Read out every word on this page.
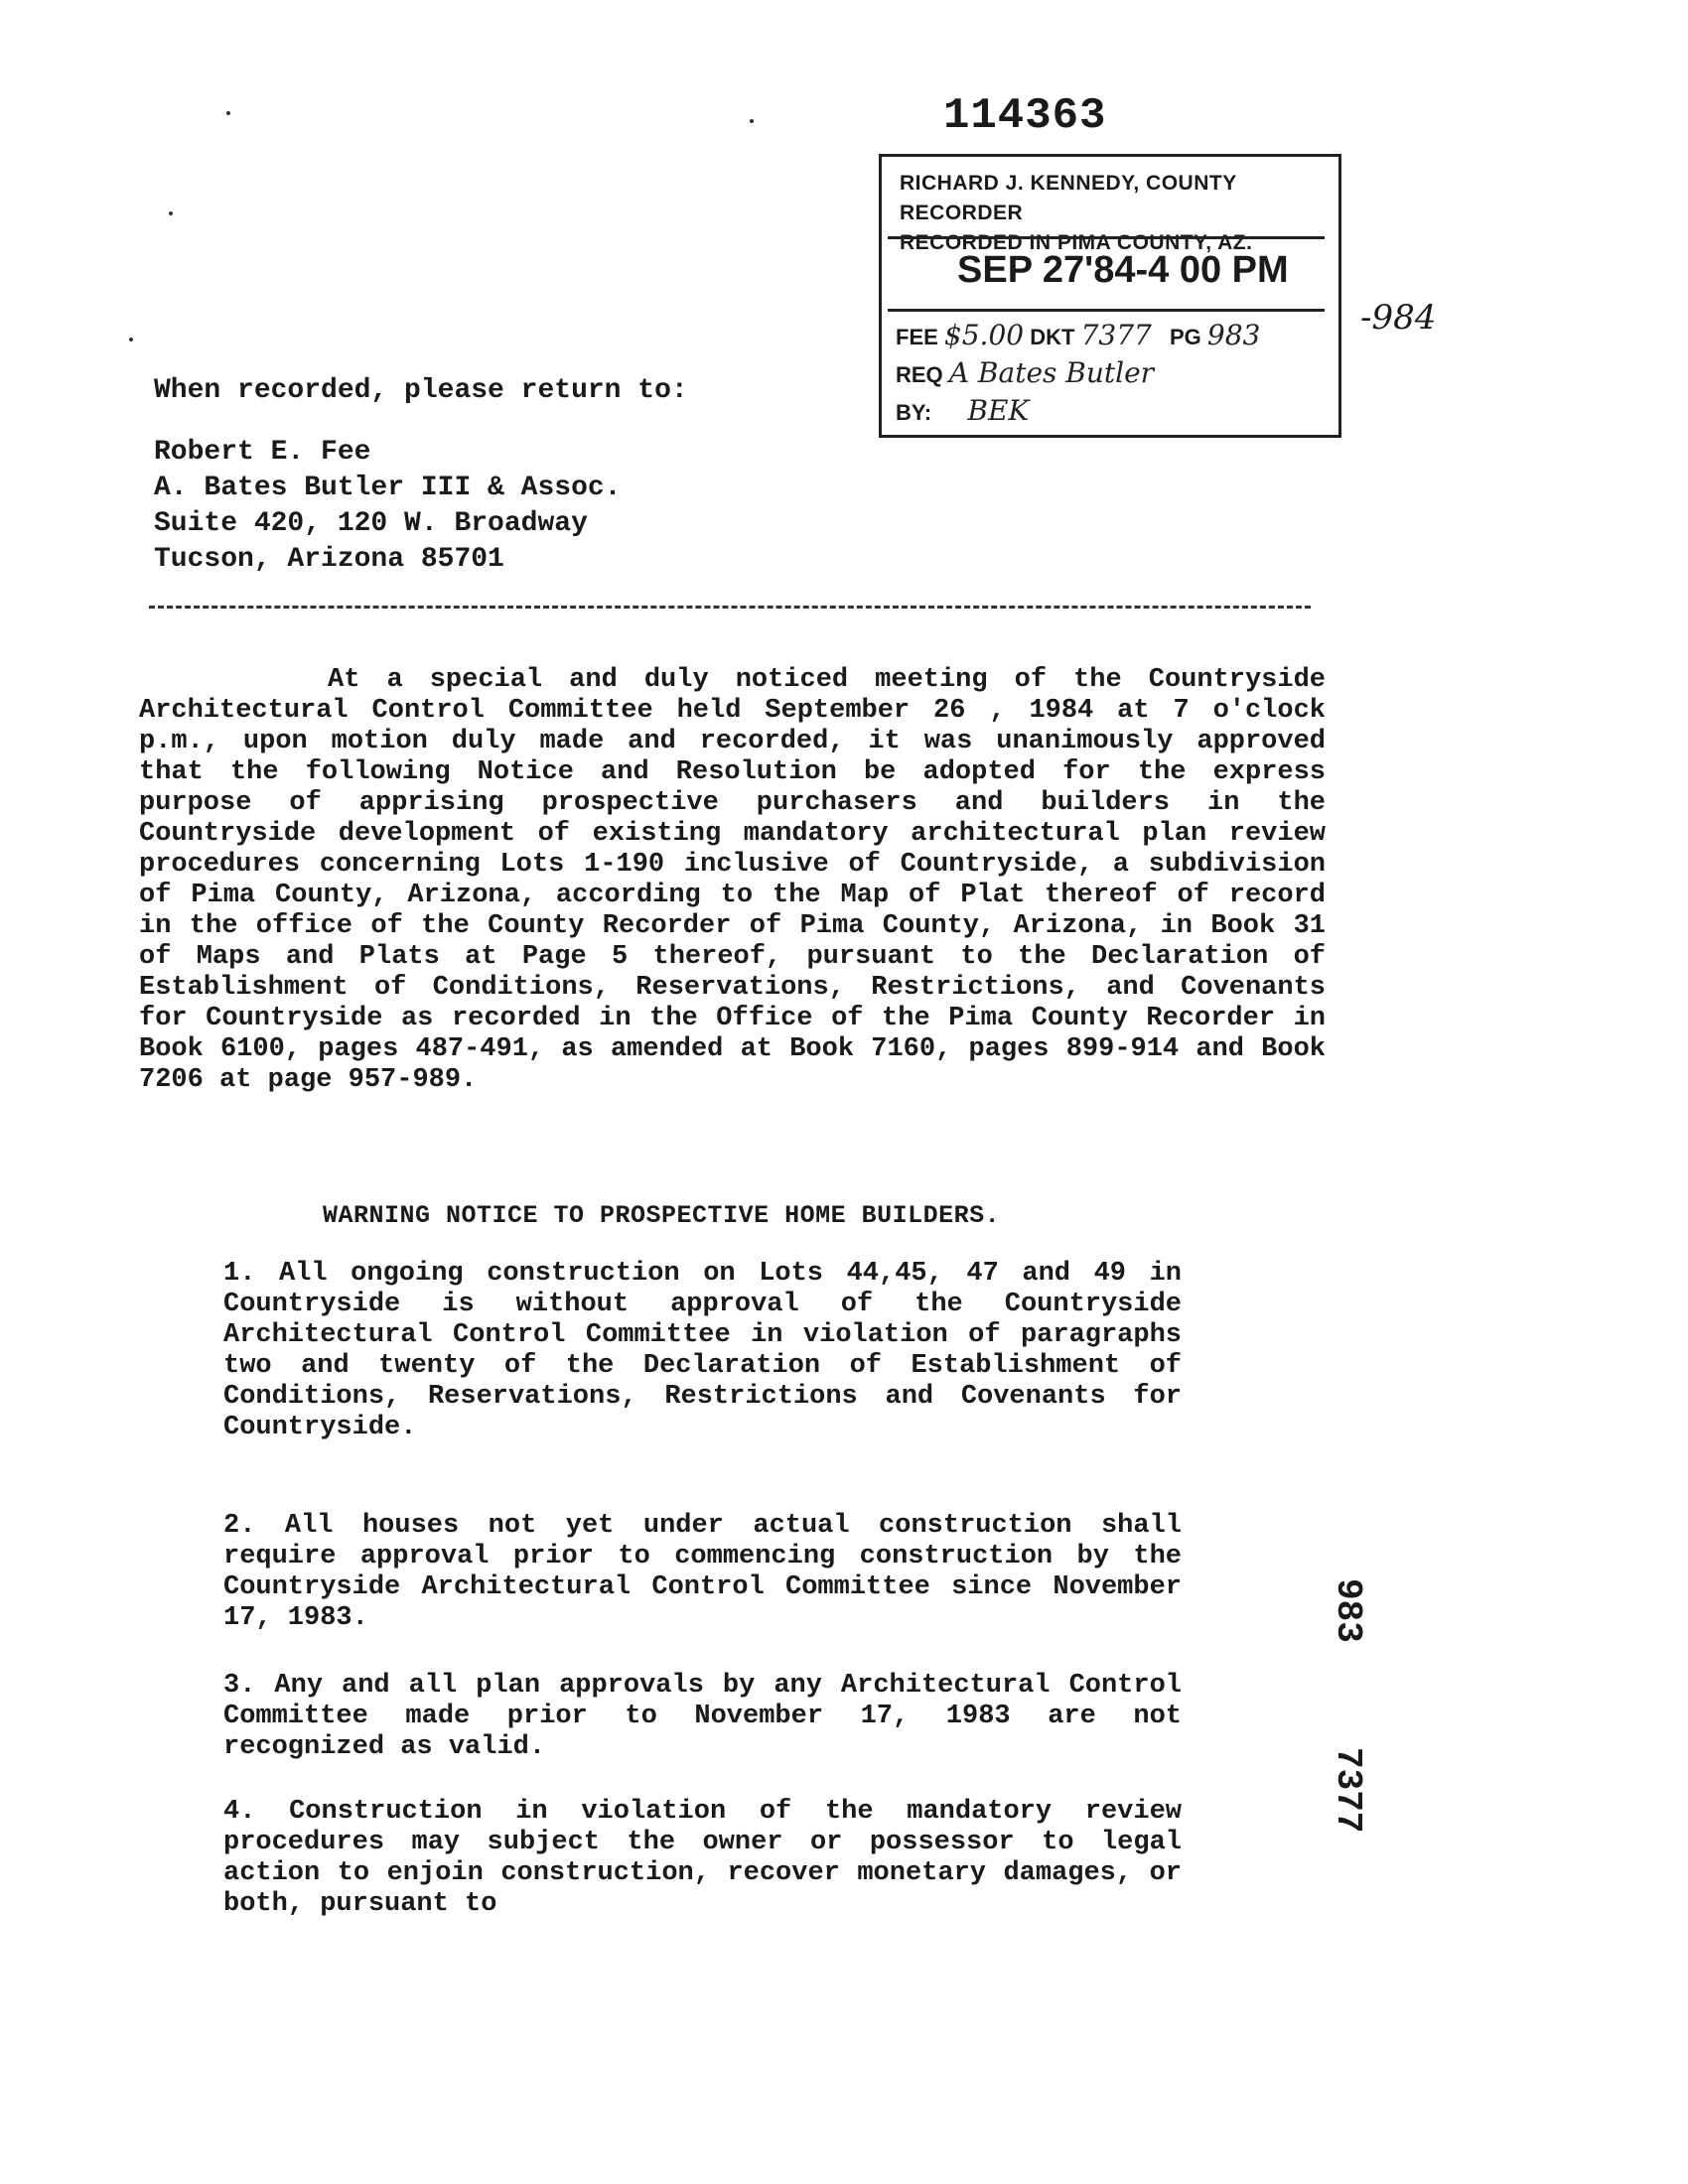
114363
RICHARD J. KENNEDY, COUNTY RECORDER
RECORDED IN PIMA COUNTY, AZ.
SEP 27'84-4 00 PM
FEE $5.00 DKT 7377 PG 983
REQ A Bates Butler
BY: BEK
-984
When recorded, please return to:
Robert E. Fee
A. Bates Butler III & Assoc.
Suite 420, 120 W. Broadway
Tucson, Arizona 85701
At a special and duly noticed meeting of the Countryside Architectural Control Committee held September 26 , 1984 at 7 o'clock p.m., upon motion duly made and recorded, it was unanimously approved that the following Notice and Resolution be adopted for the express purpose of apprising prospective purchasers and builders in the Countryside development of existing mandatory architectural plan review procedures concerning Lots 1-190 inclusive of Countryside, a subdivision of Pima County, Arizona, according to the Map of Plat thereof of record in the office of the County Recorder of Pima County, Arizona, in Book 31 of Maps and Plats at Page 5 thereof, pursuant to the Declaration of Establishment of Conditions, Reservations, Restrictions, and Covenants for Countryside as recorded in the Office of the Pima County Recorder in Book 6100, pages 487-491, as amended at Book 7160, pages 899-914 and Book 7206 at page 957-989.
WARNING NOTICE TO PROSPECTIVE HOME BUILDERS.
1. All ongoing construction on Lots 44,45, 47 and 49 in Countryside is without approval of the Countryside Architectural Control Committee in violation of paragraphs two and twenty of the Declaration of Establishment of Conditions, Reservations, Restrictions and Covenants for Countryside.
2. All houses not yet under actual construction shall require approval prior to commencing construction by the Countryside Architectural Control Committee since November 17, 1983.
3. Any and all plan approvals by any Architectural Control Committee made prior to November 17, 1983 are not recognized as valid.
4. Construction in violation of the mandatory review procedures may subject the owner or possessor to legal action to enjoin construction, recover monetary damages, or both, pursuant to
7377
983
